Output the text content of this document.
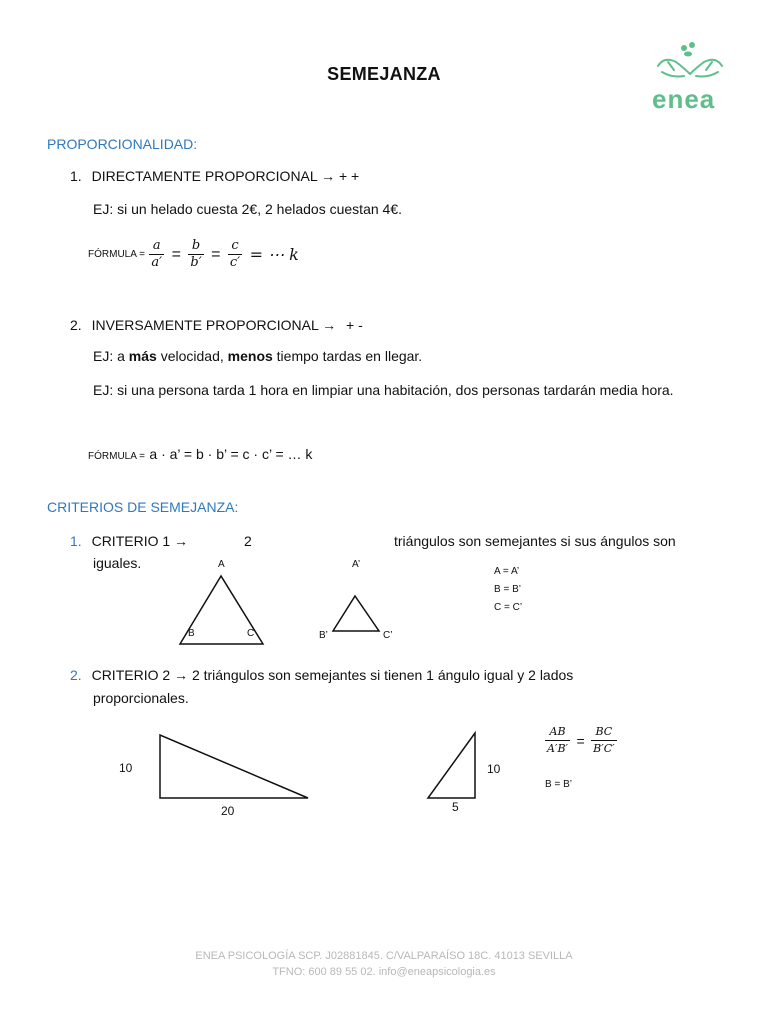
SEMEJANZA
enea
PROPORCIONALIDAD:
1. DIRECTAMENTE PROPORCIONAL → + +
EJ: si un helado cuesta 2€, 2 helados cuestan 4€.
FÓRMULA = $\frac{a}{a'} = \frac{b}{b'} = \frac{c}{c'}$ = ⋯ k
2. INVERSAMENTE PROPORCIONAL → + -
EJ: a más velocidad, menos tiempo tardas en llegar.
EJ: si una persona tarda 1 hora en limpiar una habitación, dos personas tardarán media hora.
FÓRMULA = a · a’ = b · b’ = c · c’ = … k
CRITERIOS DE SEMEJANZA:
1. CRITERIO 1 →	2	triángulos son semejantes si sus ángulos son
iguales.	A
B	C
A’
B’	C’
A = A’
B = B’
C = C’
2. CRITERIO 2 → 2 triángulos son semejantes si tienen 1 ángulo igual y 2 lados
proporcionales.
10
20
10
5
$\frac{AB}{A'B'} = \frac{BC}{B'C'}$
B = B’
ENEA PSICOLOGÍA SCP. J02881845. C/VALPARAÍSO 18C. 41013 SEVILLA
TFNO: 600 89 55 02. info@eneapsicologia.es
